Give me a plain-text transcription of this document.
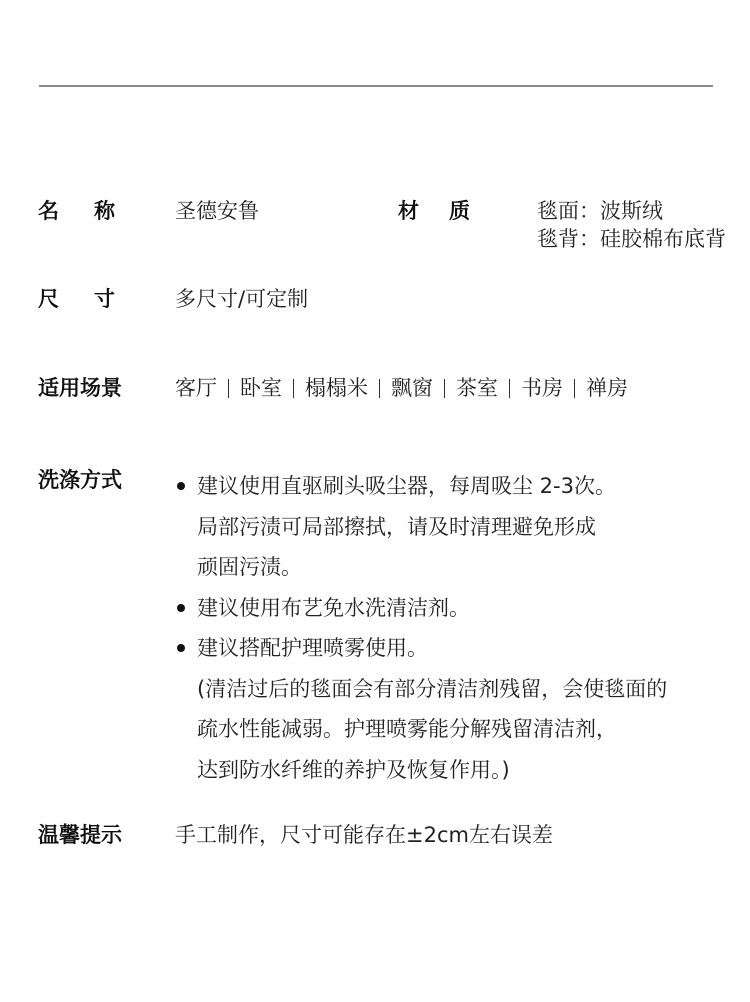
名 称	圣德安鲁	材 质	毯面：波斯绒
毯背：硅胶棉布底背
尺 寸	多尺寸/可定制
适用场景	客厅 卧室 榻榻米 飘窗 茶室 书房 禅房
洗涤方式	建议使用直驱刷头吸尘器，每周吸尘 2-3次。
局部污渍可局部擦拭，请及时清理避免形成
顽固污渍。
建议使用布艺免水洗清洁剂。
建议搭配护理喷雾使用。
(清洁过后的毯面会有部分清洁剂残留，会使毯面的
疏水性能减弱。护理喷雾能分解残留清洁剂，
达到防水纤维的养护及恢复作用。)
温馨提示	手工制作，尺寸可能存在±2cm左右误差
